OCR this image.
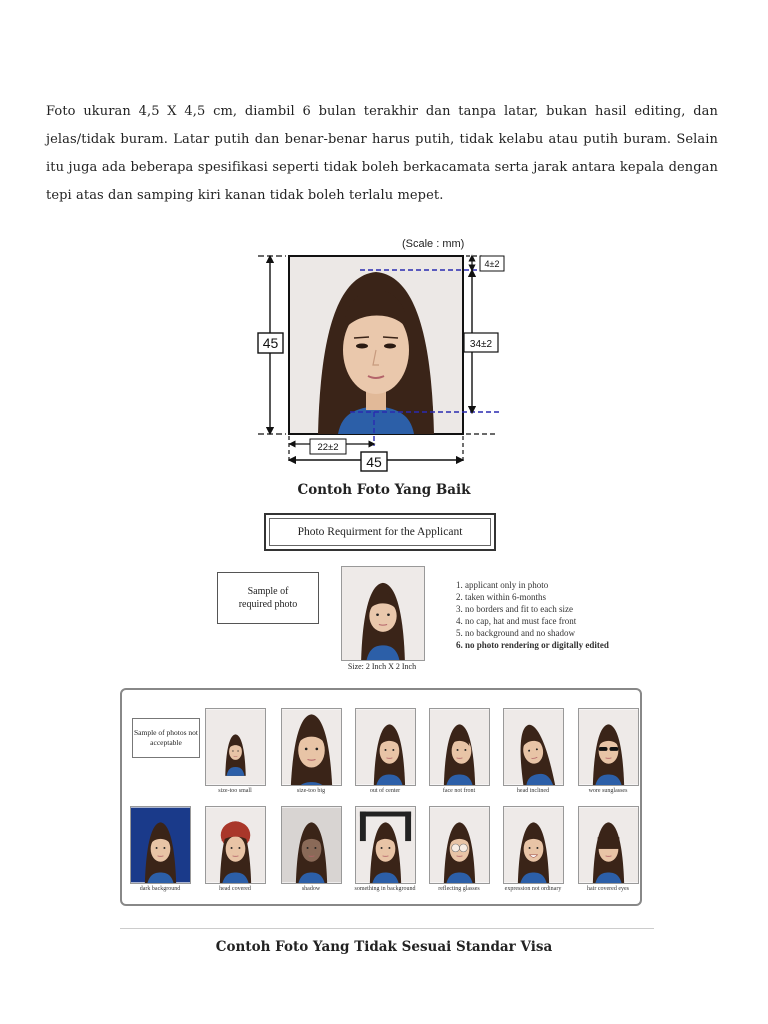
Foto ukuran 4,5 X 4,5 cm, diambil 6 bulan terakhir dan tanpa latar, bukan hasil editing, dan jelas/tidak buram. Latar putih dan benar-benar harus putih, tidak kelabu atau putih buram. Selain itu juga ada beberapa spesifikasi seperti tidak boleh berkacamata serta jarak antara kepala dengan tepi atas dan samping kiri kanan tidak boleh terlalu mepet.
(Scale : mm)
45
4±2
34±2
22±2
45
Contoh Foto Yang Baik
Photo Requirment for the Applicant
Sample of required photo
Size: 2 Inch X 2 Inch
1. applicant only in photo
2. taken within 6-months
3. no borders and fit to each size
4. no cap, hat and must face front
5. no background and no shadow
6. no photo rendering or digitally edited
Sample of photos not acceptable
size-too small	size-too big	out of center	face not front	head inclined	wore sunglasses
dark background	head covered	shadow	something in background	reflecting glasses	expression not ordinary	hair covered eyes
Contoh Foto Yang Tidak Sesuai Standar Visa
